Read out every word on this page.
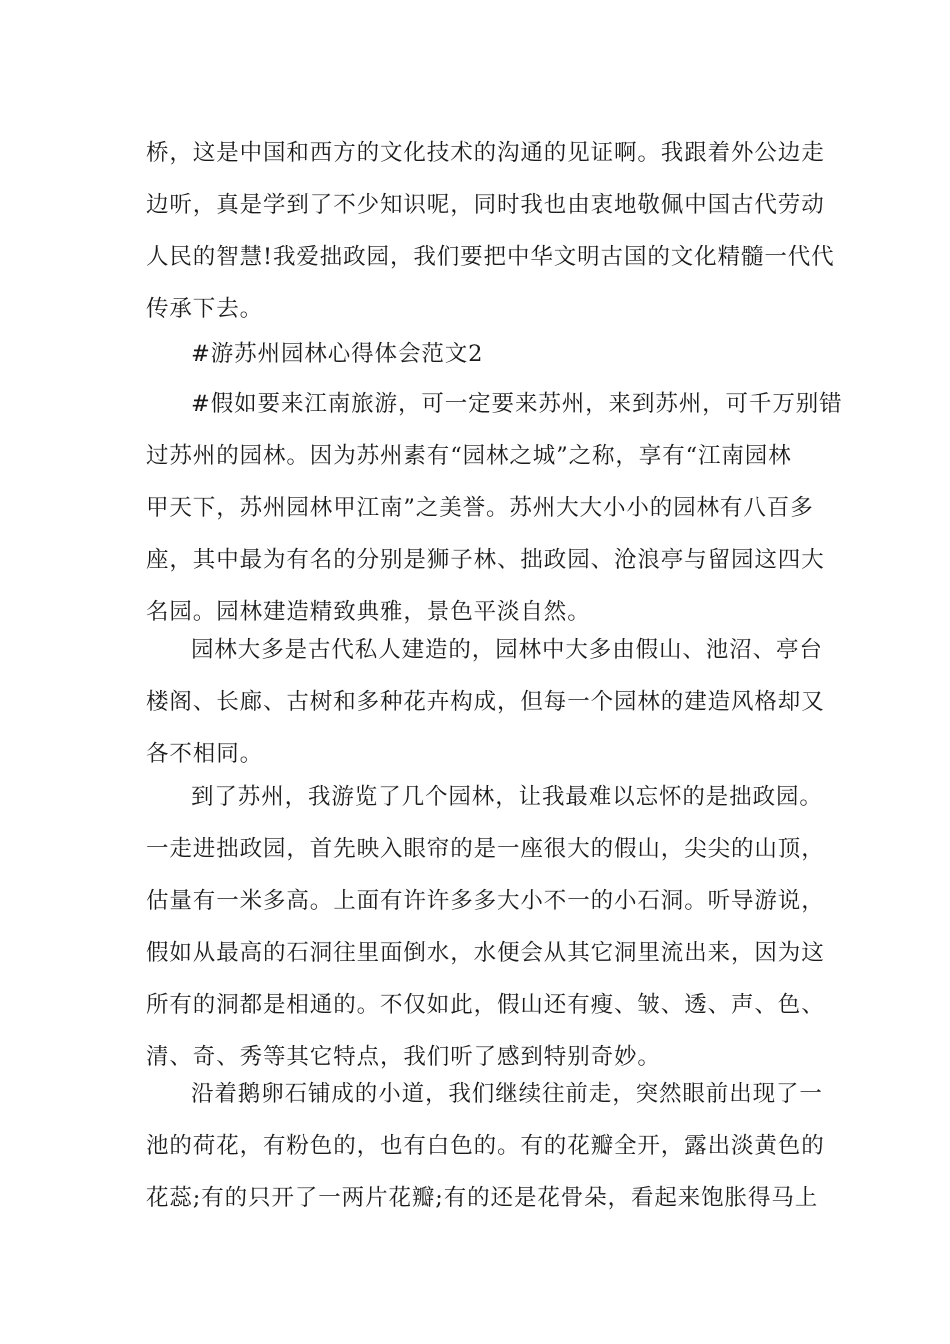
桥，这是中国和西方的文化技术的沟通的见证啊。我跟着外公边走
边听，真是学到了不少知识呢，同时我也由衷地敬佩中国古代劳动
人民的智慧!我爱拙政园，我们要把中华文明古国的文化精髓一代代
传承下去。
#游苏州园林心得体会范文2
#假如要来江南旅游，可一定要来苏州，来到苏州，可千万别错
过苏州的园林。因为苏州素有“园林之城”之称，享有“江南园林
甲天下，苏州园林甲江南”之美誉。苏州大大小小的园林有八百多
座，其中最为有名的分别是狮子林、拙政园、沧浪亭与留园这四大
名园。园林建造精致典雅，景色平淡自然。
园林大多是古代私人建造的，园林中大多由假山、池沼、亭台
楼阁、长廊、古树和多种花卉构成，但每一个园林的建造风格却又
各不相同。
到了苏州，我游览了几个园林，让我最难以忘怀的是拙政园。
一走进拙政园，首先映入眼帘的是一座很大的假山，尖尖的山顶，
估量有一米多高。上面有许许多多大小不一的小石洞。听导游说，
假如从最高的石洞往里面倒水，水便会从其它洞里流出来，因为这
所有的洞都是相通的。不仅如此，假山还有瘦、皱、透、声、色、
清、奇、秀等其它特点，我们听了感到特别奇妙。
沿着鹅卵石铺成的小道，我们继续往前走，突然眼前出现了一
池的荷花，有粉色的，也有白色的。有的花瓣全开，露出淡黄色的
花蕊;有的只开了一两片花瓣;有的还是花骨朵，看起来饱胀得马上
